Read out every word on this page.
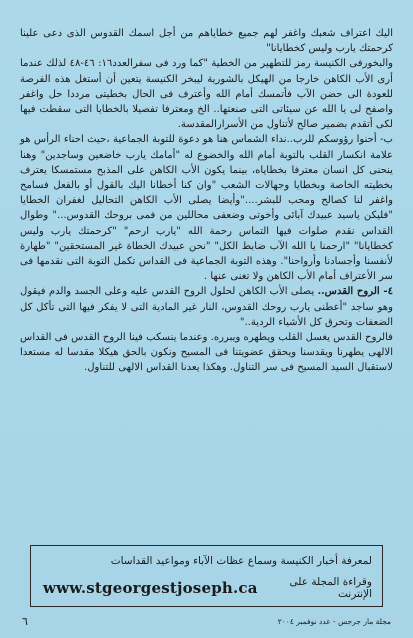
اليك اعتراف شعبك واغفر لهم جميع خطاياهم من أجل اسمك القدوس الذى دعى علينا كرحمتك يارب وليس كخطايانا"

والبخورفى الكنيسة رمز للتطهير من الخطية "كما ورد فى سفرالعدد١٦: ٤٦-٤٨ لذلك عندما أرى الأب الكاهن خارجا من الهيكل بالشورية ليبخر الكنيسة يتعين أن أستغل هذه الفرصة للعودة الى حضن الآب فأتمسك أمام الله وأعترف فى الحال بخطيتى مرددا حل واغفر واصفح لى يا الله عن سيئاتى التى صنعتها.. الخ ومعترفا تفصيلا بالخطايا التى سقطت فيها لكى أتقدم بضمير صالح لأتناول من الأسرارالمقدسة.

ب- أحنوا رؤوسكم للرب..نداء الشماس هنا هو دعوة للتوبة الجماعية ،حيث احناء الرأس هو علامة انكسار القلب بالتوبة أمام الله والخضوع له "أمامك يارب خاضعين وساجدين" وهنا ينحنى كل انسان معترفا بخطاياه، بينما يكون الأب الكاهن على المذبح مستمسكا يعترف بخطيته الخاصة وبخطايا وجهالات الشعب "وان كنا أخطانا اليك بالقول أو بالفعل فسامح واغفر لنا كصالح ومحب للبشر...."وأيضا يصلى الأب الكاهن التحاليل لغفران الخطايا "فليكن ياسيد عبيدك آبائى وأخوتى وضعفى محاللين من فمى بروحك القدوس..." وطوال القداس نقدم صلوات فيها التماس رحمة الله "يارب ارحم" "كرحمتك يارب وليس كخطايانا" "ارحمنا يا الله الآب ضابط الكل" "نحن عبيدك الخطاة غير المستحقين" "طهارة لأنفسنا وأجسادنا وأرواحنا". وهذه التوبة الجماعية فى القداس تكمل التوبة التى نقدمها فى سر الأعتراف أمام الأب الكاهن ولا تغنى عنها .

٤- الروح القدس.. يصلى الأب الكاهن لحلول الروح القدس عليه وعلى الجسد والدم فيقول وهو ساجد "أعطنى يارب روحك القدوس، النار غير المادية التى لا يفكر فيها التى تأكل كل الضعفات وتحرق كل الأشياء الردية.."

فالروح القدس يغسل القلب ويطهره ويبرره. وعندما ينسكب فينا الروح القدس فى القداس الالهى يطهرنا ويقدسنا ويحقق عضويتنا فى المسيح ونكون بالحق هيكلا مقدسا له مستعدا لاستقبال السيد المسيح فى سر التناول. وهكذا يعدنا القداس الالهى للتناول.

لمعرفة أخبار الكنيسة وسماع عظات الآباء ومواعيد القداسات
www.stgeorgestjoseph.ca	وقراءة المجلة على الإنترنت
٦	مجلة مار جرجس - عدد نوفمبر ٢٠٠٤
